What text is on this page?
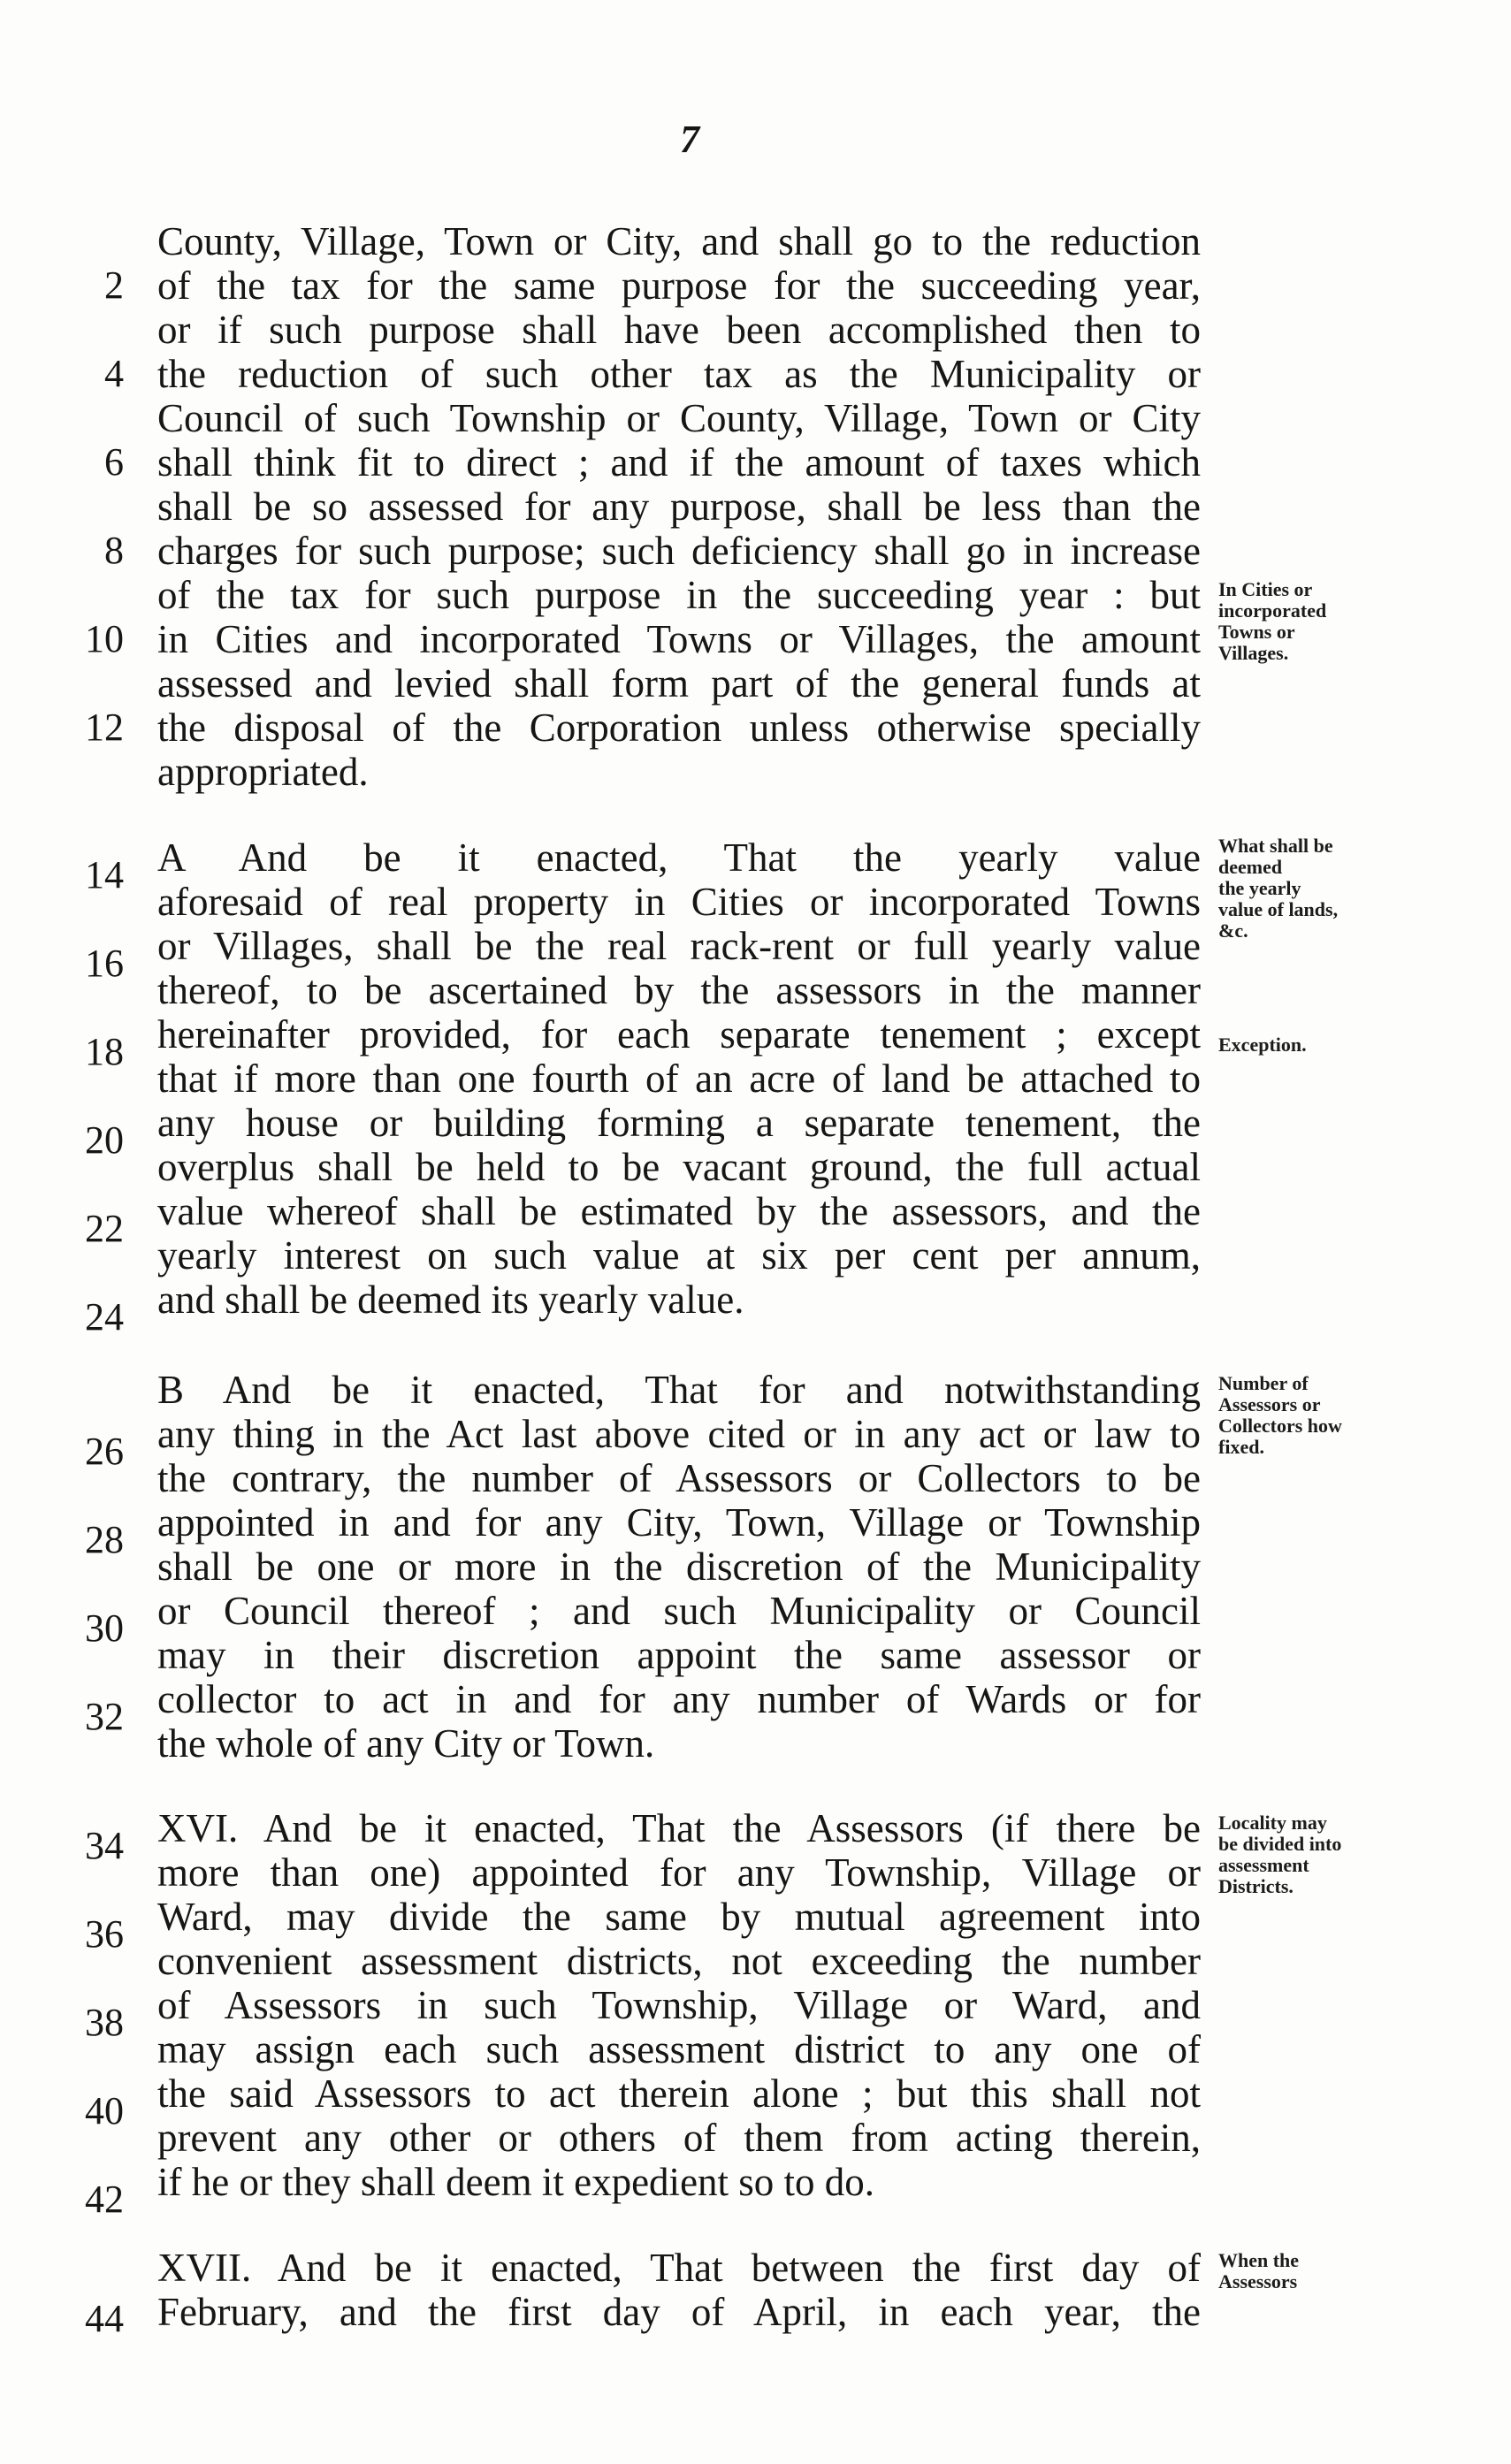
7
County, Village, Town or City, and shall go to the reduction
of the tax for the same purpose for the succeeding year,
or if such purpose shall have been accomplished then to
the reduction of such other tax as the Municipality or
Council of such Township or County, Village, Town or City
shall think fit to direct ; and if the amount of taxes which
shall be so assessed for any purpose, shall be less than the
charges for such purpose; such deficiency shall go in increase
of the tax for such purpose in the succeeding year : but
in Cities and incorporated Towns or Villages, the amount
assessed and levied shall form part of the general funds at
the disposal of the Corporation unless otherwise specially
appropriated.
A And be it enacted, That the yearly value
aforesaid of real property in Cities or incorporated Towns
or Villages, shall be the real rack-rent or full yearly value
thereof, to be ascertained by the assessors in the manner
hereinafter provided, for each separate tenement ; except
that if more than one fourth of an acre of land be attached to
any house or building forming a separate tenement, the
overplus shall be held to be vacant ground, the full actual
value whereof shall be estimated by the assessors, and the
yearly interest on such value at six per cent per annum,
and shall be deemed its yearly value.
B And be it enacted, That for and notwithstanding
any thing in the Act last above cited or in any act or law to
the contrary, the number of Assessors or Collectors to be
appointed in and for any City, Town, Village or Township
shall be one or more in the discretion of the Municipality
or Council thereof ; and such Municipality or Council
may in their discretion appoint the same assessor or
collector to act in and for any number of Wards or for
the whole of any City or Town.
XVI. And be it enacted, That the Assessors (if there be
more than one) appointed for any Township, Village or
Ward, may divide the same by mutual agreement into
convenient assessment districts, not exceeding the number
of Assessors in such Township, Village or Ward, and
may assign each such assessment district to any one of
the said Assessors to act therein alone ; but this shall not
prevent any other or others of them from acting therein,
if he or they shall deem it expedient so to do.
XVII. And be it enacted, That between the first day of
February, and the first day of April, in each year, the
2
4
6
8
10
12
14
16
18
20
22
24
26
28
30
32
34
36
38
40
42
44
In Cities or
incorporated
Towns or
Villages.
What shall be
deemed
the yearly
value of lands,
&c.
Exception.
Number of
Assessors or
Collectors how
fixed.
Locality may
be divided into
assessment
Districts.
When the
Assessors
